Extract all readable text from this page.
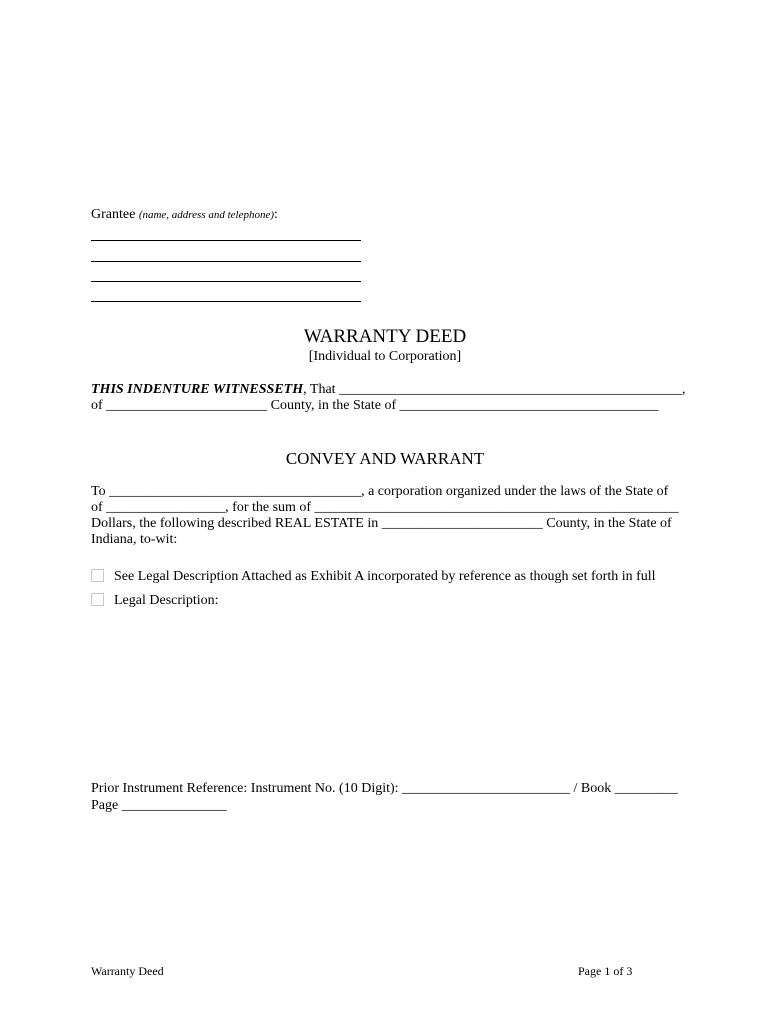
Grantee (name, address and telephone):
WARRANTY DEED
[Individual to Corporation]
THIS INDENTURE WITNESSETH, That _________________________________________________,
of _______________________ County, in the State of _____________________________________
CONVEY AND WARRANT
To ____________________________________, a corporation organized under the laws of the State of
of _________________, for the sum of ____________________________________________________
Dollars, the following described REAL ESTATE in _______________________ County, in the State of
Indiana, to-wit:
See Legal Description Attached as Exhibit A incorporated by reference as though set forth in full
Legal Description:
Prior Instrument Reference: Instrument No. (10 Digit): ________________________ / Book _________
Page _______________
Warranty Deed	Page 1 of 3
